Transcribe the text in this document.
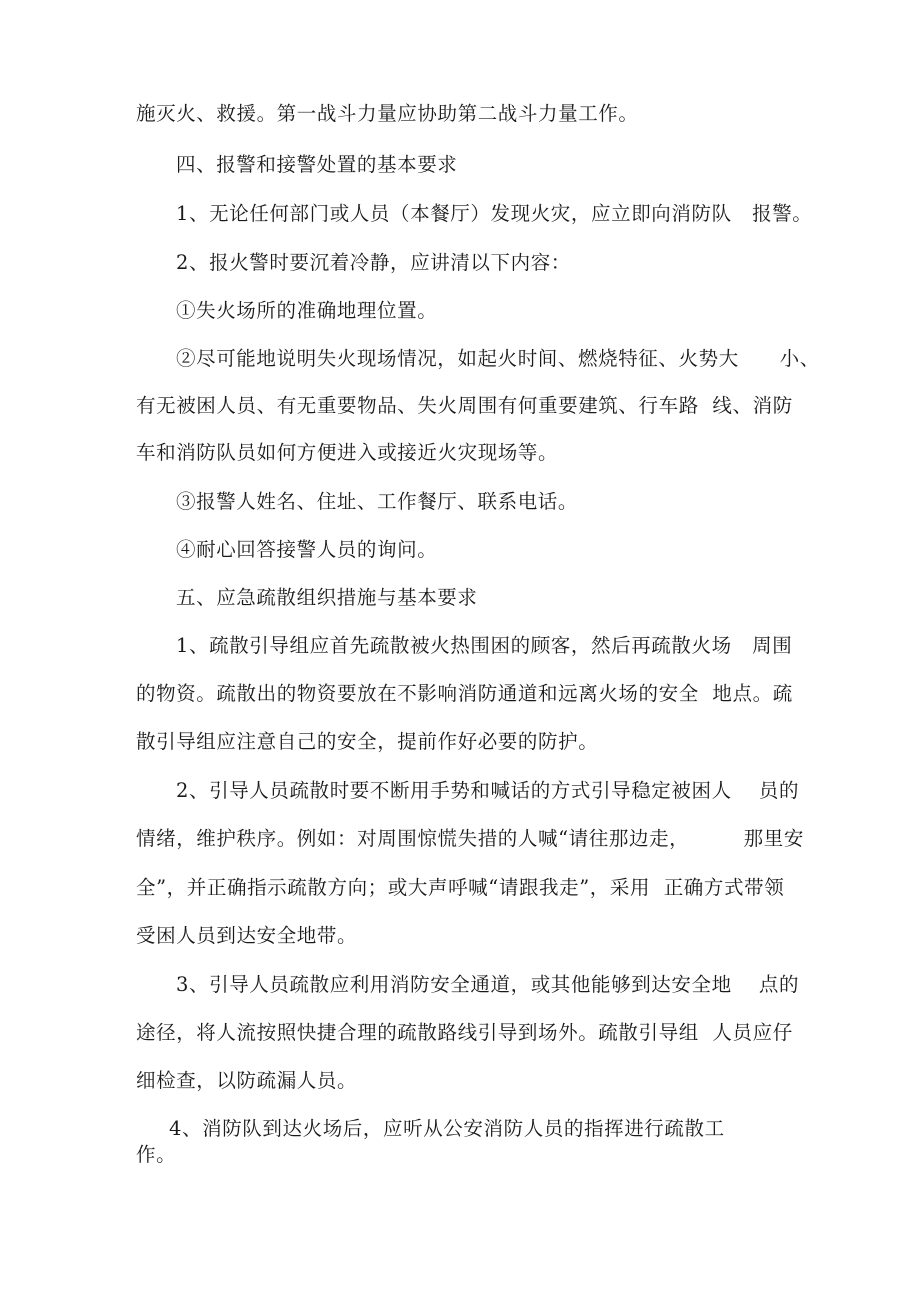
施灭火、救援。第一战斗力量应协助第二战斗力量工作。
四、报警和接警处置的基本要求
1、无论任何部门或人员（本餐厅）发现火灾，应立即向消防队   报警。
2、报火警时要沉着冷静，应讲清以下内容：
①失火场所的准确地理位置。
②尽可能地说明失火现场情况，如起火时间、燃烧特征、火势大      小、
有无被困人员、有无重要物品、失火周围有何重要建筑、行车路  线、消防
车和消防队员如何方便进入或接近火灾现场等。
③报警人姓名、住址、工作餐厅、联系电话。
④耐心回答接警人员的询问。
五、应急疏散组织措施与基本要求
1、疏散引导组应首先疏散被火热围困的顾客，然后再疏散火场   周围
的物资。疏散出的物资要放在不影响消防通道和远离火场的安全  地点。疏
散引导组应注意自己的安全，提前作好必要的防护。
2、引导人员疏散时要不断用手势和喊话的方式引导稳定被困人    员的
情绪，维护秩序。例如：对周围惊慌失措的人喊“请往那边走，        那里安
全”，并正确指示疏散方向；或大声呼喊“请跟我走”，采用  正确方式带领
受困人员到达安全地带。
3、引导人员疏散应利用消防安全通道，或其他能够到达安全地    点的
途径，将人流按照快捷合理的疏散路线引导到场外。疏散引导组  人员应仔
细检查，以防疏漏人员。
4、消防队到达火场后，应听从公安消防人员的指挥进行疏散工
作。
